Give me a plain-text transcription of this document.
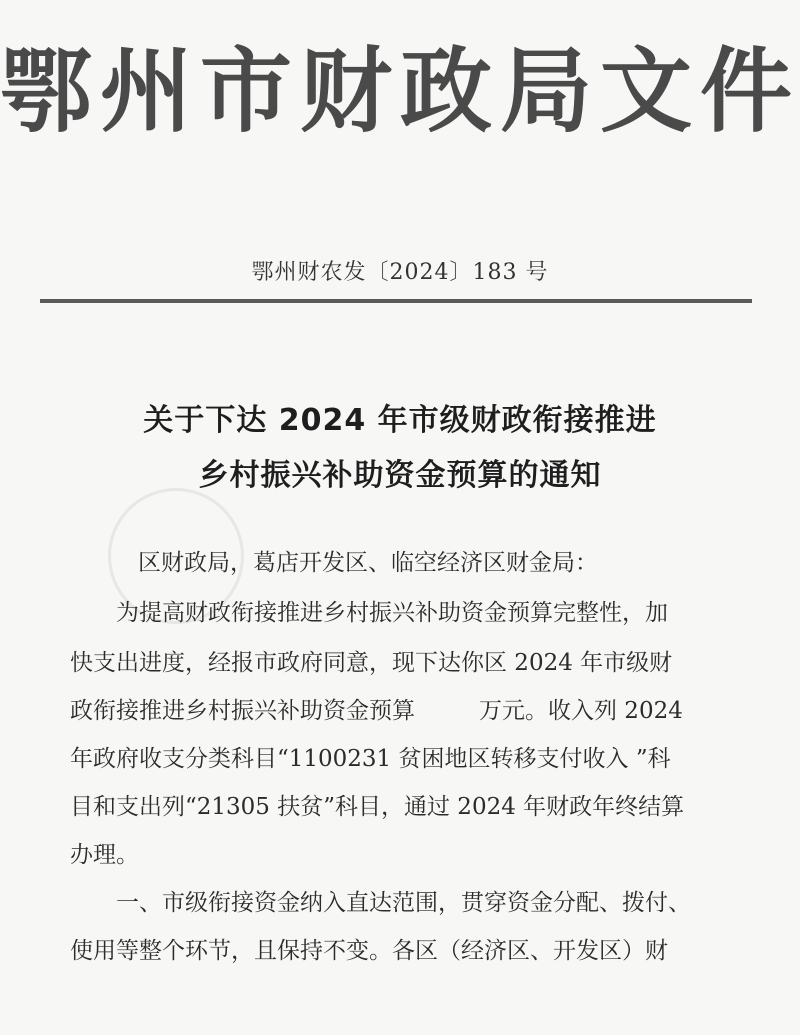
鄂州市财政局文件
鄂州财农发〔2024〕183 号
关于下达 2024 年市级财政衔接推进
乡村振兴补助资金预算的通知
区财政局，葛店开发区、临空经济区财金局：
为提高财政衔接推进乡村振兴补助资金预算完整性，加
快支出进度，经报市政府同意，现下达你区 2024 年市级财
政衔接推进乡村振兴补助资金预算	万元。收入列 2024
年政府收支分类科目“1100231 贫困地区转移支付收入 ”科
目和支出列“21305 扶贫”科目，通过 2024 年财政年终结算
办理。
一、市级衔接资金纳入直达范围，贯穿资金分配、拨付、
使用等整个环节，且保持不变。各区（经济区、开发区）财
